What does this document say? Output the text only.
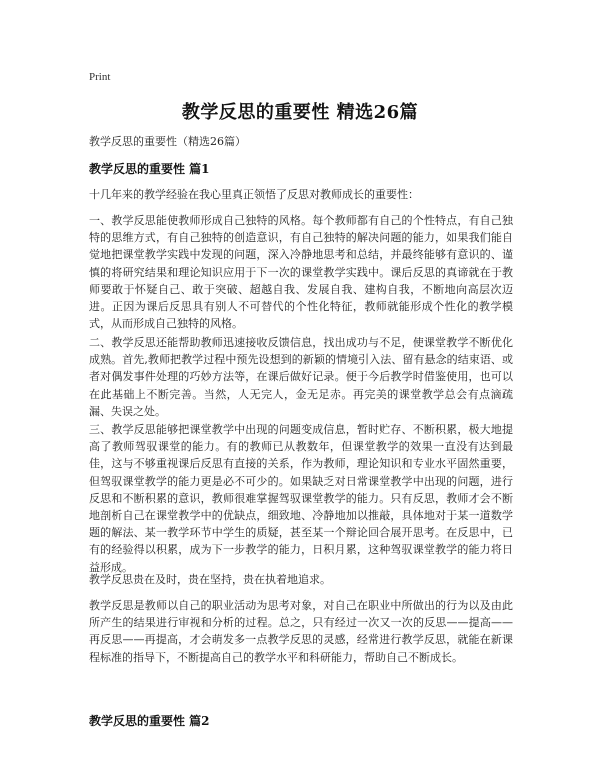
Print
教学反思的重要性 精选26篇
教学反思的重要性（精选26篇）
教学反思的重要性 篇1

十几年来的教学经验在我心里真正领悟了反思对教师成长的重要性：

一、教学反思能使教师形成自己独特的风格。每个教师都有自己的个性特点，有自己独特的思维方式，有自己独特的创造意识，有自己独特的解决问题的能力，如果我们能自觉地把课堂教学实践中发现的问题，深入冷静地思考和总结，并最终能够有意识的、谨慎的将研究结果和理论知识应用于下一次的课堂教学实践中。课后反思的真谛就在于教师要敢于怀疑自己、敢于突破、超越自我、发展自我、建构自我，不断地向高层次迈进。正因为课后反思具有别人不可替代的个性化特征，教师就能形成个性化的教学模式，从而形成自己独特的风格。

二、教学反思还能帮助教师迅速接收反馈信息，找出成功与不足，使课堂教学不断优化成熟。首先,教师把教学过程中预先设想到的新颖的情境引入法、留有悬念的结束语、或者对偶发事件处理的巧妙方法等，在课后做好记录。便于今后教学时借鉴使用，也可以在此基础上不断完善。当然，人无完人，金无足赤。再完美的课堂教学总会有点滴疏漏、失误之处。

三、教学反思能够把课堂教学中出现的问题变成信息，暂时贮存、不断积累，极大地提高了教师驾驭课堂的能力。有的教师已从教数年，但课堂教学的效果一直没有达到最佳，这与不够重视课后反思有直接的关系，作为教师，理论知识和专业水平固然重要，但驾驭课堂教学的能力更是必不可少的。如果缺乏对日常课堂教学中出现的问题，进行反思和不断积累的意识，教师很难掌握驾驭课堂教学的能力。只有反思，教师才会不断地剖析自己在课堂教学中的优缺点，细致地、冷静地加以推敲，具体地对于某一道数学题的解法、某一教学环节中学生的质疑，甚至某一个辩论回合展开思考。在反思中，已有的经验得以积累，成为下一步教学的能力，日积月累，这种驾驭课堂教学的能力将日益形成。

教学反思贵在及时，贵在坚持，贵在执着地追求。

教学反思是教师以自己的职业活动为思考对象，对自己在职业中所做出的行为以及由此所产生的结果进行审视和分析的过程。总之，只有经过一次又一次的反思——提高——再反思——再提高，才会萌发多一点教学反思的灵感，经常进行教学反思，就能在新课程标准的指导下，不断提高自己的教学水平和科研能力，帮助自己不断成长。

教学反思的重要性 篇2
